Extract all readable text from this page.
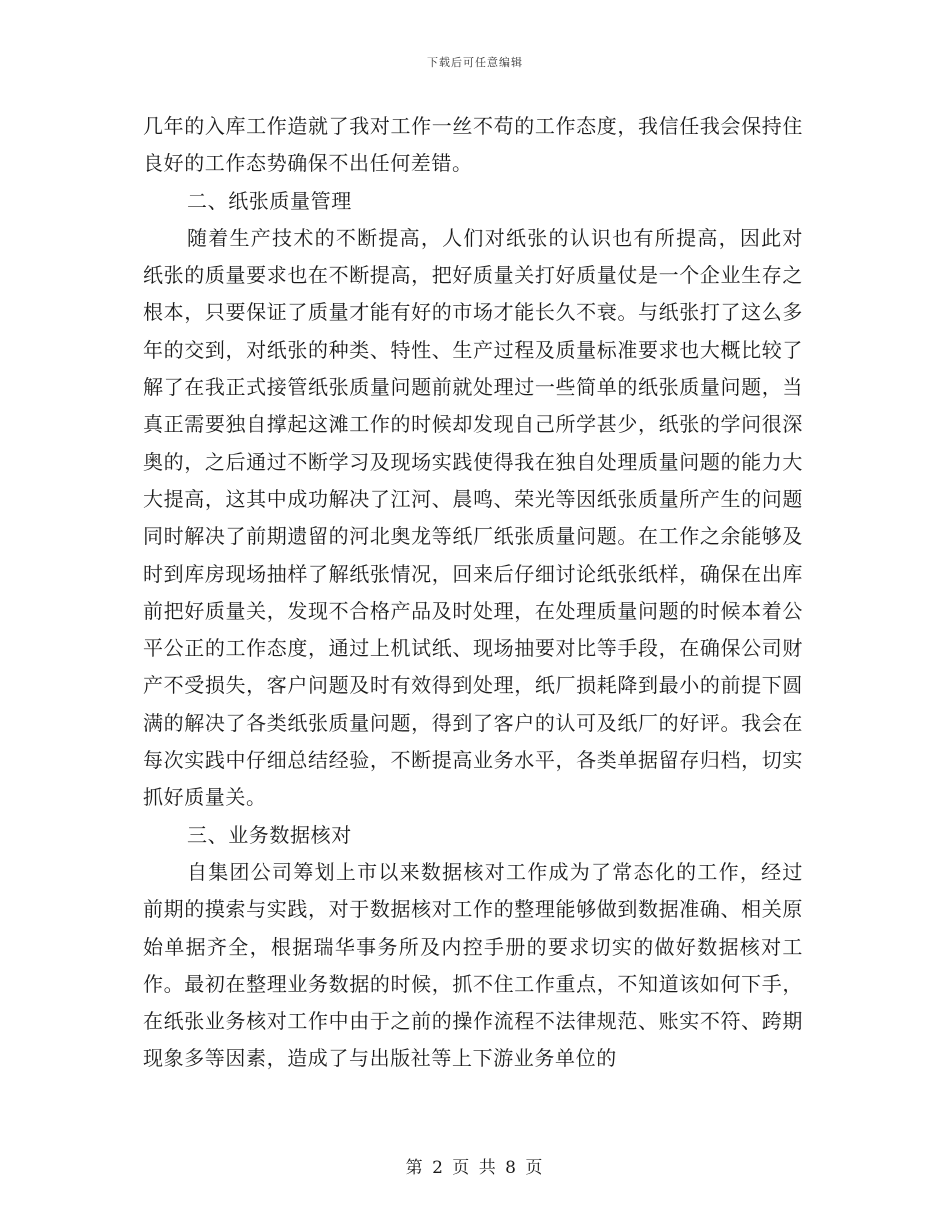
下载后可任意编辑

几年的入库工作造就了我对工作一丝不苟的工作态度，我信任我会保持住良好的工作态势确保不出任何差错。

二、纸张质量管理

随着生产技术的不断提高，人们对纸张的认识也有所提高，因此对纸张的质量要求也在不断提高，把好质量关打好质量仗是一个企业生存之根本，只要保证了质量才能有好的市场才能长久不衰。与纸张打了这么多年的交到，对纸张的种类、特性、生产过程及质量标准要求也大概比较了解了在我正式接管纸张质量问题前就处理过一些简单的纸张质量问题，当真正需要独自撑起这滩工作的时候却发现自己所学甚少，纸张的学问很深奥的，之后通过不断学习及现场实践使得我在独自处理质量问题的能力大大提高，这其中成功解决了江河、晨鸣、荣光等因纸张质量所产生的问题同时解决了前期遗留的河北奥龙等纸厂纸张质量问题。在工作之余能够及时到库房现场抽样了解纸张情况，回来后仔细讨论纸张纸样，确保在出库前把好质量关，发现不合格产品及时处理，在处理质量问题的时候本着公平公正的工作态度，通过上机试纸、现场抽要对比等手段，在确保公司财产不受损失，客户问题及时有效得到处理，纸厂损耗降到最小的前提下圆满的解决了各类纸张质量问题，得到了客户的认可及纸厂的好评。我会在每次实践中仔细总结经验，不断提高业务水平，各类单据留存归档，切实抓好质量关。

三、业务数据核对

自集团公司筹划上市以来数据核对工作成为了常态化的工作，经过前期的摸索与实践，对于数据核对工作的整理能够做到数据准确、相关原始单据齐全，根据瑞华事务所及内控手册的要求切实的做好数据核对工作。最初在整理业务数据的时候，抓不住工作重点，不知道该如何下手，在纸张业务核对工作中由于之前的操作流程不法律规范、账实不符、跨期现象多等因素，造成了与出版社等上下游业务单位的

第 2 页 共 8 页
